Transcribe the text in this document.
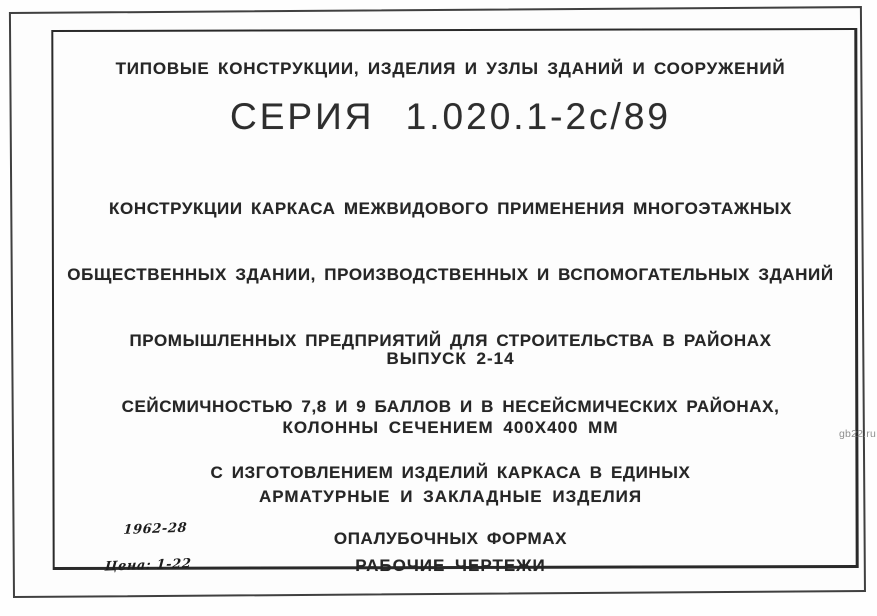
ТИПОВЫЕ КОНСТРУКЦИИ, ИЗДЕЛИЯ И УЗЛЫ ЗДАНИЙ И СООРУЖЕНИЙ
СЕРИЯ 1.020.1-2с/89

КОНСТРУКЦИИ КАРКАСА МЕЖВИДОВОГО ПРИМЕНЕНИЯ МНОГОЭТАЖНЫХ

ОБЩЕСТВЕННЫХ ЗДАНИИ, ПРОИЗВОДСТВЕННЫХ И ВСПОМОГАТЕЛЬНЫХ ЗДАНИЙ

ПРОМЫШЛЕННЫХ ПРЕДПРИЯТИЙ ДЛЯ СТРОИТЕЛЬСТВА В РАЙОНАХ

СЕЙСМИЧНОСТЬЮ 7,8 И 9 БАЛЛОВ И В НЕСЕЙСМИЧЕСКИХ РАЙОНАХ,

С ИЗГОТОВЛЕНИЕМ ИЗДЕЛИЙ КАРКАСА В ЕДИНЫХ

ОПАЛУБОЧНЫХ ФОРМАХ

ВЫПУСК 2-14

КОЛОННЫ СЕЧЕНИЕМ 400Х400 ММ

АРМАТУРНЫЕ И ЗАКЛАДНЫЕ ИЗДЕЛИЯ

РАБОЧИЕ ЧЕРТЕЖИ

1962-28

Цена: 1-22

gb22.ru
